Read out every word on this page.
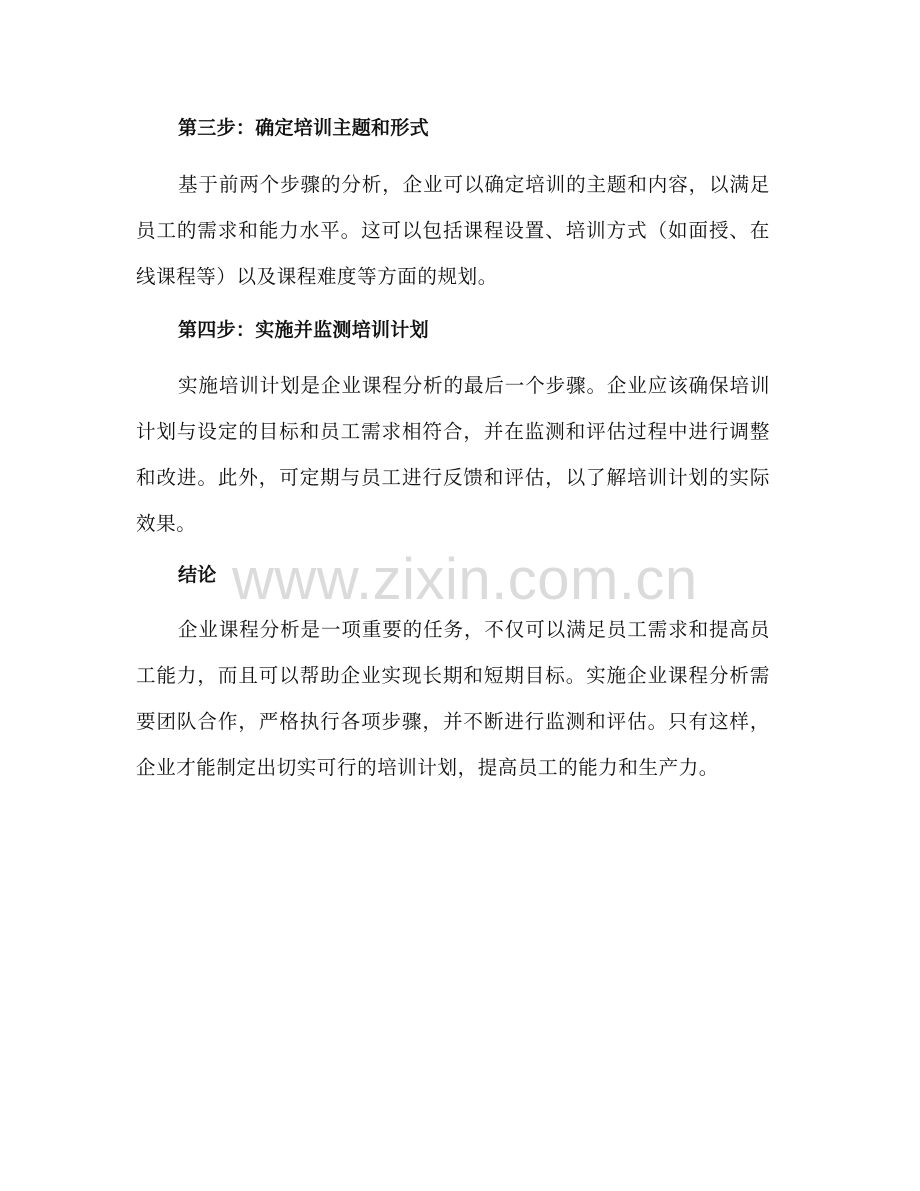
第三步：确定培训主题和形式

基于前两个步骤的分析，企业可以确定培训的主题和内容，以满足员工的需求和能力水平。这可以包括课程设置、培训方式（如面授、在线课程等）以及课程难度等方面的规划。

第四步：实施并监测培训计划

实施培训计划是企业课程分析的最后一个步骤。企业应该确保培训计划与设定的目标和员工需求相符合，并在监测和评估过程中进行调整和改进。此外，可定期与员工进行反馈和评估，以了解培训计划的实际效果。

结论

企业课程分析是一项重要的任务，不仅可以满足员工需求和提高员工能力，而且可以帮助企业实现长期和短期目标。实施企业课程分析需要团队合作，严格执行各项步骤，并不断进行监测和评估。只有这样，企业才能制定出切实可行的培训计划，提高员工的能力和生产力。

www.zixin.com.cn
